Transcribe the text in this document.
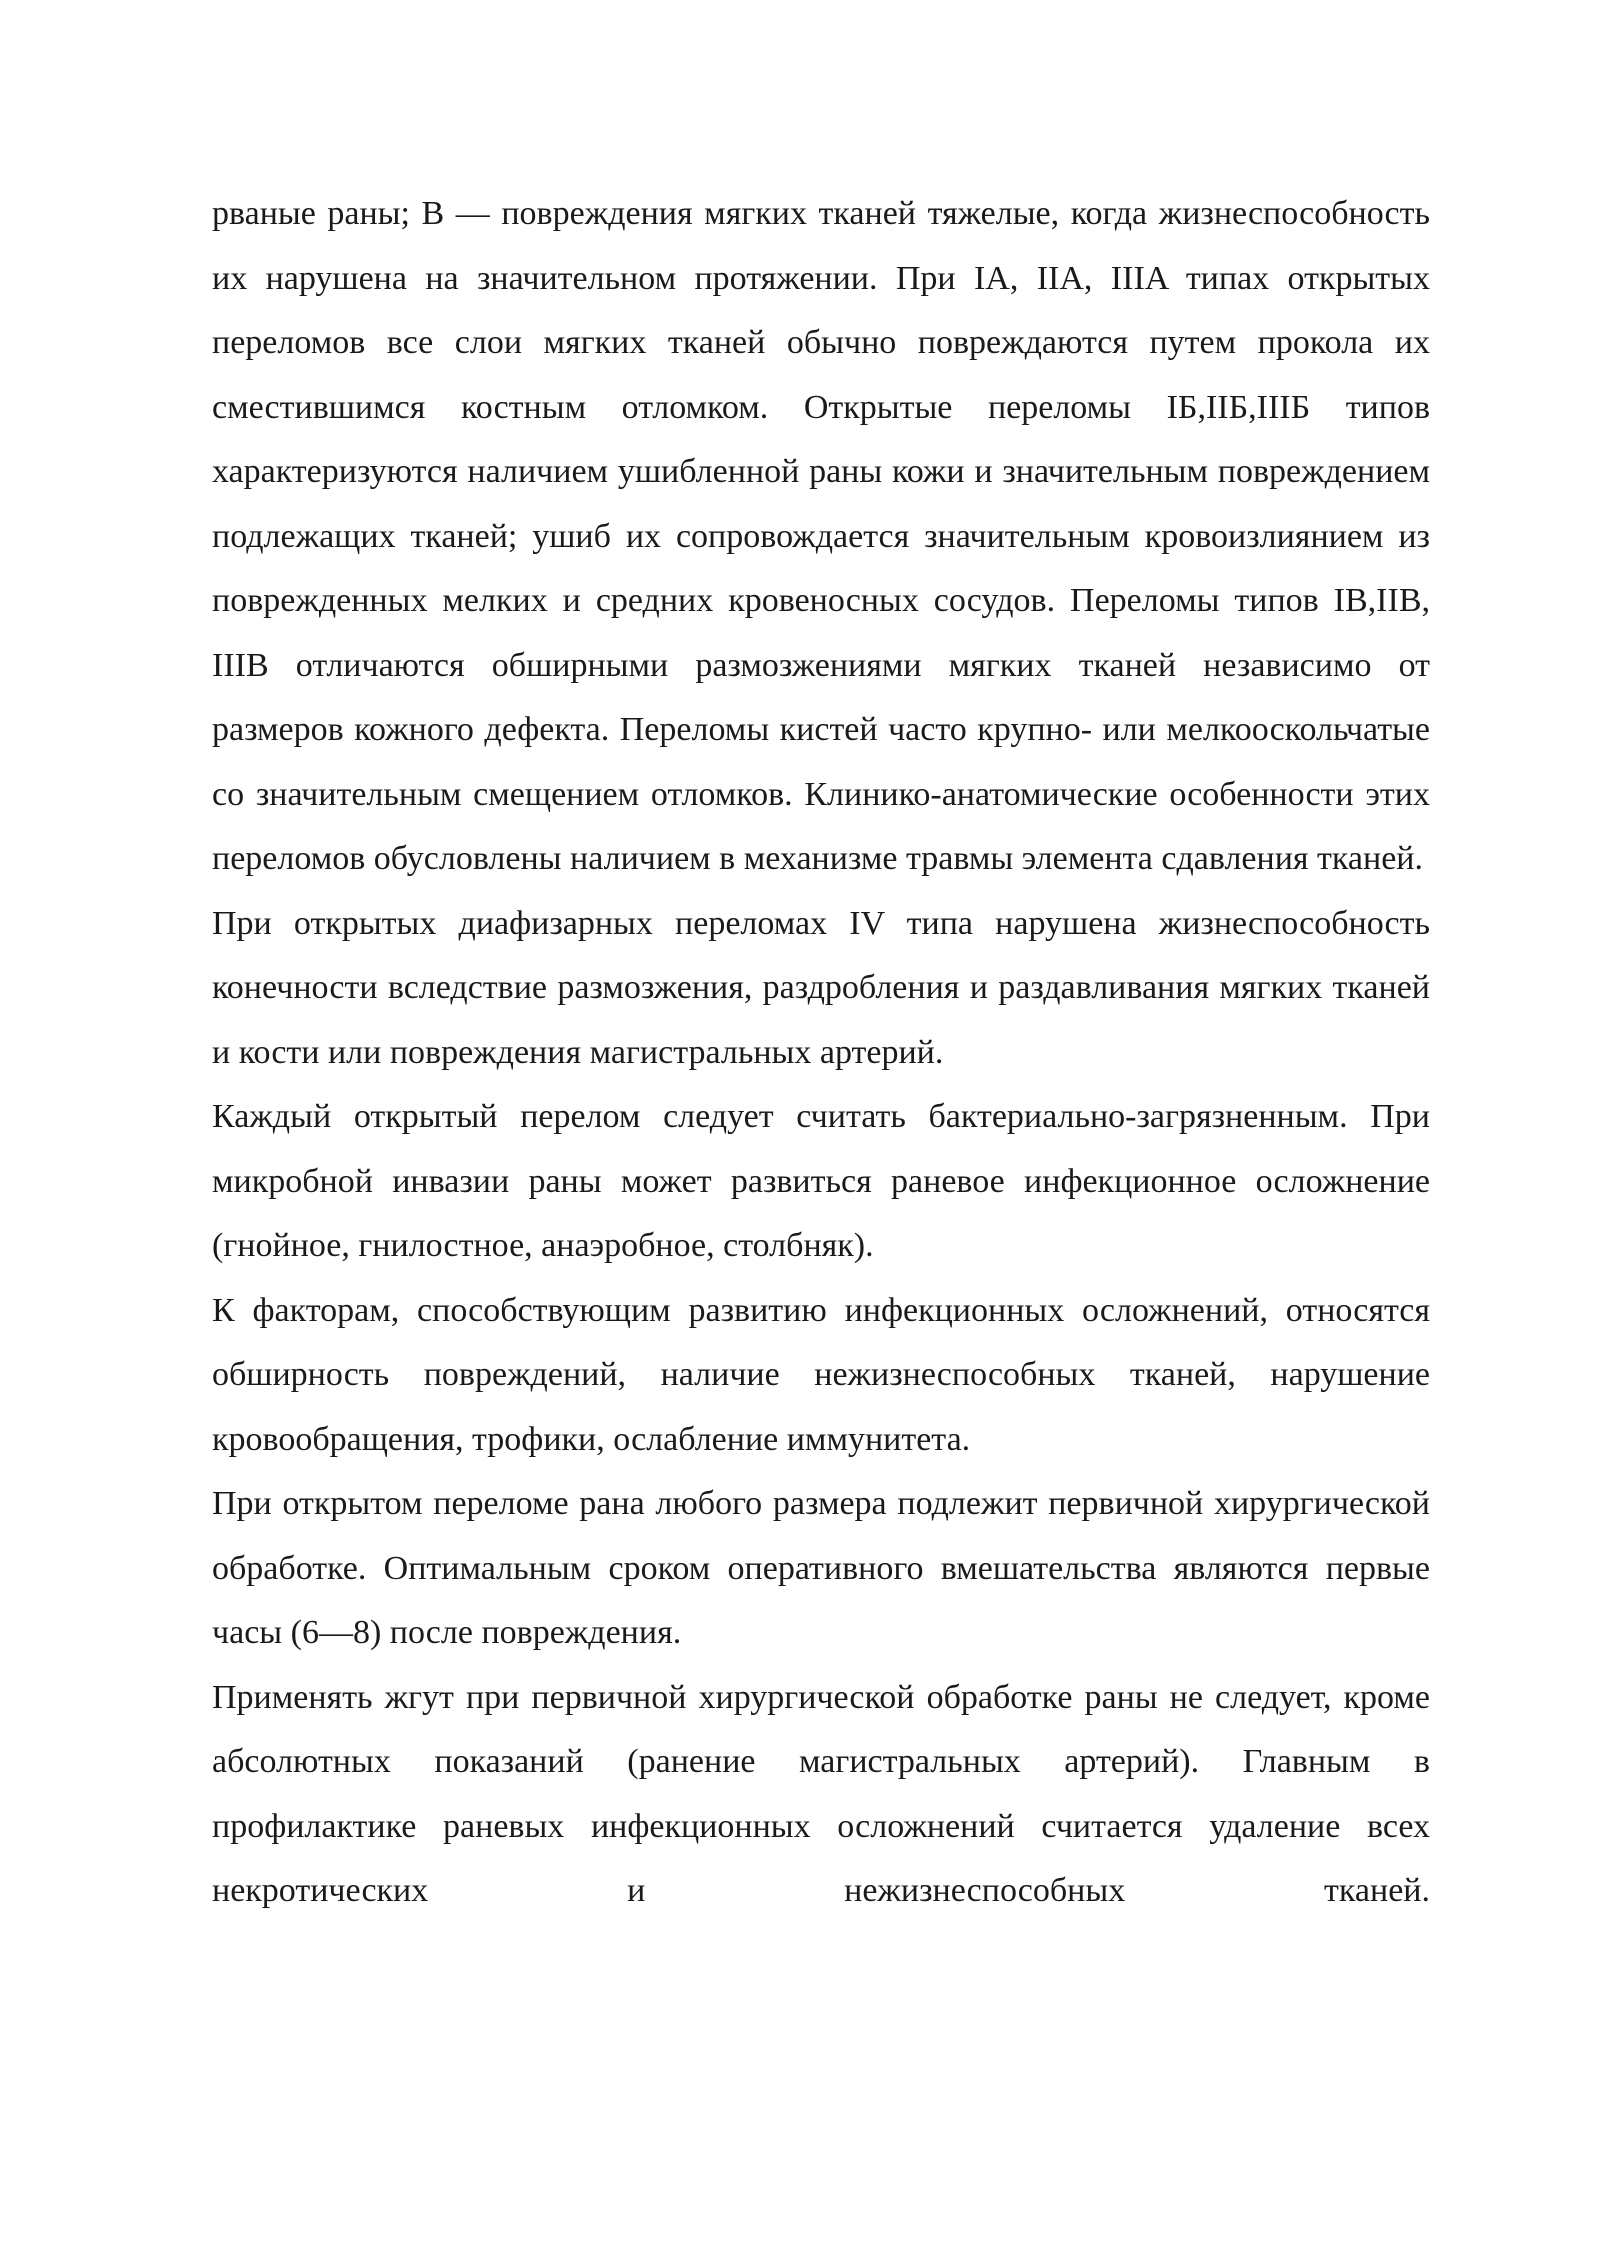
рваные раны; В — повреждения мягких тканей тяжелые, когда жизнеспособность их нарушена на значительном протяжении. При IA, IIA, IIIA типах открытых переломов все слои мягких тканей обычно повреждаются путем прокола их сместившимся костным отломком. Открытые переломы IБ,IIБ,IIIБ типов характеризуются наличием ушибленной раны кожи и значительным повреждением подлежащих тканей; ушиб их сопровождается значительным кровоизлиянием из поврежденных мелких и средних кровеносных сосудов. Переломы типов IB,IIB, IIIB отличаются обширными размозжениями мягких тканей независимо от размеров кожного дефекта. Переломы кистей часто крупно- или мелкооскольчатые со значительным смещением отломков. Клинико-анатомические особенности этих переломов обусловлены наличием в механизме травмы элемента сдавления тканей.

При открытых диафизарных переломах IV типа нарушена жизнеспособность конечности вследствие размозжения, раздробления и раздавливания мягких тканей и кости или повреждения магистральных артерий.

Каждый открытый перелом следует считать бактериально-загрязненным. При микробной инвазии раны может развиться раневое инфекционное осложнение (гнойное, гнилостное, анаэробное, столбняк).

К факторам, способствующим развитию инфекционных осложнений, относятся обширность повреждений, наличие нежизнеспособных тканей, нарушение кровообращения, трофики, ослабление иммунитета.

При открытом переломе рана любого размера подлежит первичной хирургической обработке. Оптимальным сроком оперативного вмешательства являются первые часы (6—8) после повреждения.

Применять жгут при первичной хирургической обработке раны не следует, кроме абсолютных показаний (ранение магистральных артерий). Главным в профилактике раневых инфекционных осложнений считается удаление всех некротических и нежизнеспособных тканей.
